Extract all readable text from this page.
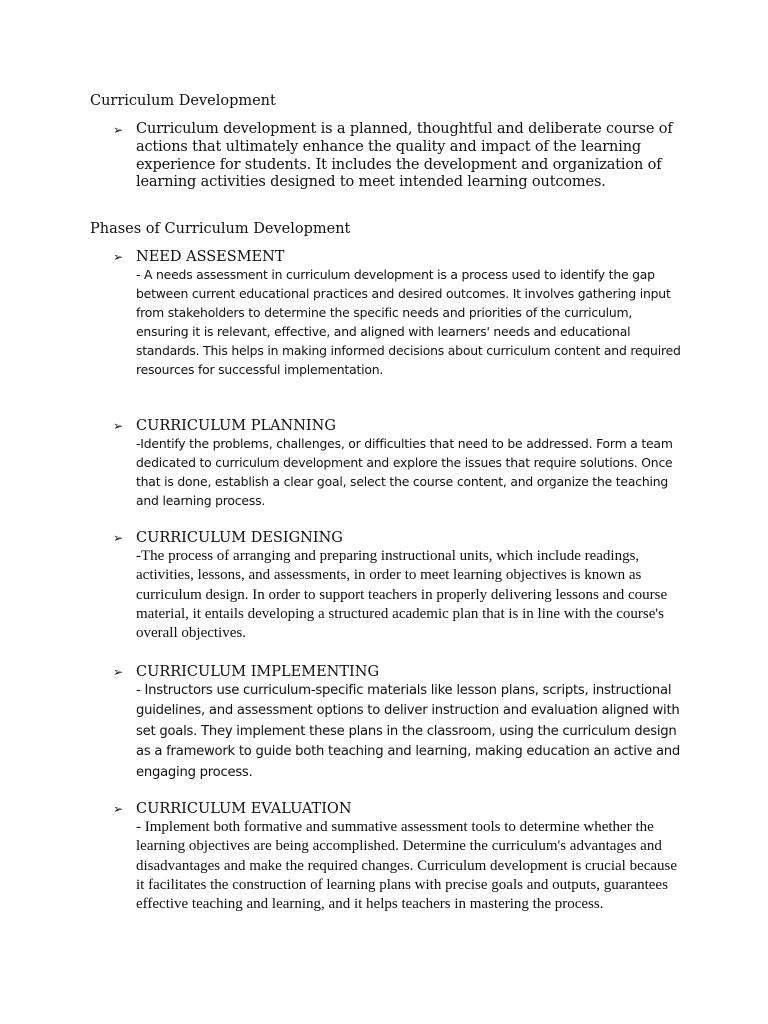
Curriculum Development
➢ Curriculum development is a planned, thoughtful and deliberate course of actions that ultimately enhance the quality and impact of the learning experience for students. It includes the development and organization of learning activities designed to meet intended learning outcomes.
Phases of Curriculum Development
➢ NEED ASSESMENT
- A needs assessment in curriculum development is a process used to identify the gap between current educational practices and desired outcomes. It involves gathering input from stakeholders to determine the specific needs and priorities of the curriculum, ensuring it is relevant, effective, and aligned with learners' needs and educational standards. This helps in making informed decisions about curriculum content and required resources for successful implementation.
➢ CURRICULUM PLANNING
-Identify the problems, challenges, or difficulties that need to be addressed. Form a team dedicated to curriculum development and explore the issues that require solutions. Once that is done, establish a clear goal, select the course content, and organize the teaching and learning process.
➢ CURRICULUM DESIGNING
-The process of arranging and preparing instructional units, which include readings, activities, lessons, and assessments, in order to meet learning objectives is known as curriculum design. In order to support teachers in properly delivering lessons and course material, it entails developing a structured academic plan that is in line with the course's overall objectives.
➢ CURRICULUM IMPLEMENTING
- Instructors use curriculum-specific materials like lesson plans, scripts, instructional guidelines, and assessment options to deliver instruction and evaluation aligned with set goals. They implement these plans in the classroom, using the curriculum design as a framework to guide both teaching and learning, making education an active and engaging process.
➢ CURRICULUM EVALUATION
- Implement both formative and summative assessment tools to determine whether the learning objectives are being accomplished. Determine the curriculum's advantages and disadvantages and make the required changes. Curriculum development is crucial because it facilitates the construction of learning plans with precise goals and outputs, guarantees effective teaching and learning, and it helps teachers in mastering the process.
